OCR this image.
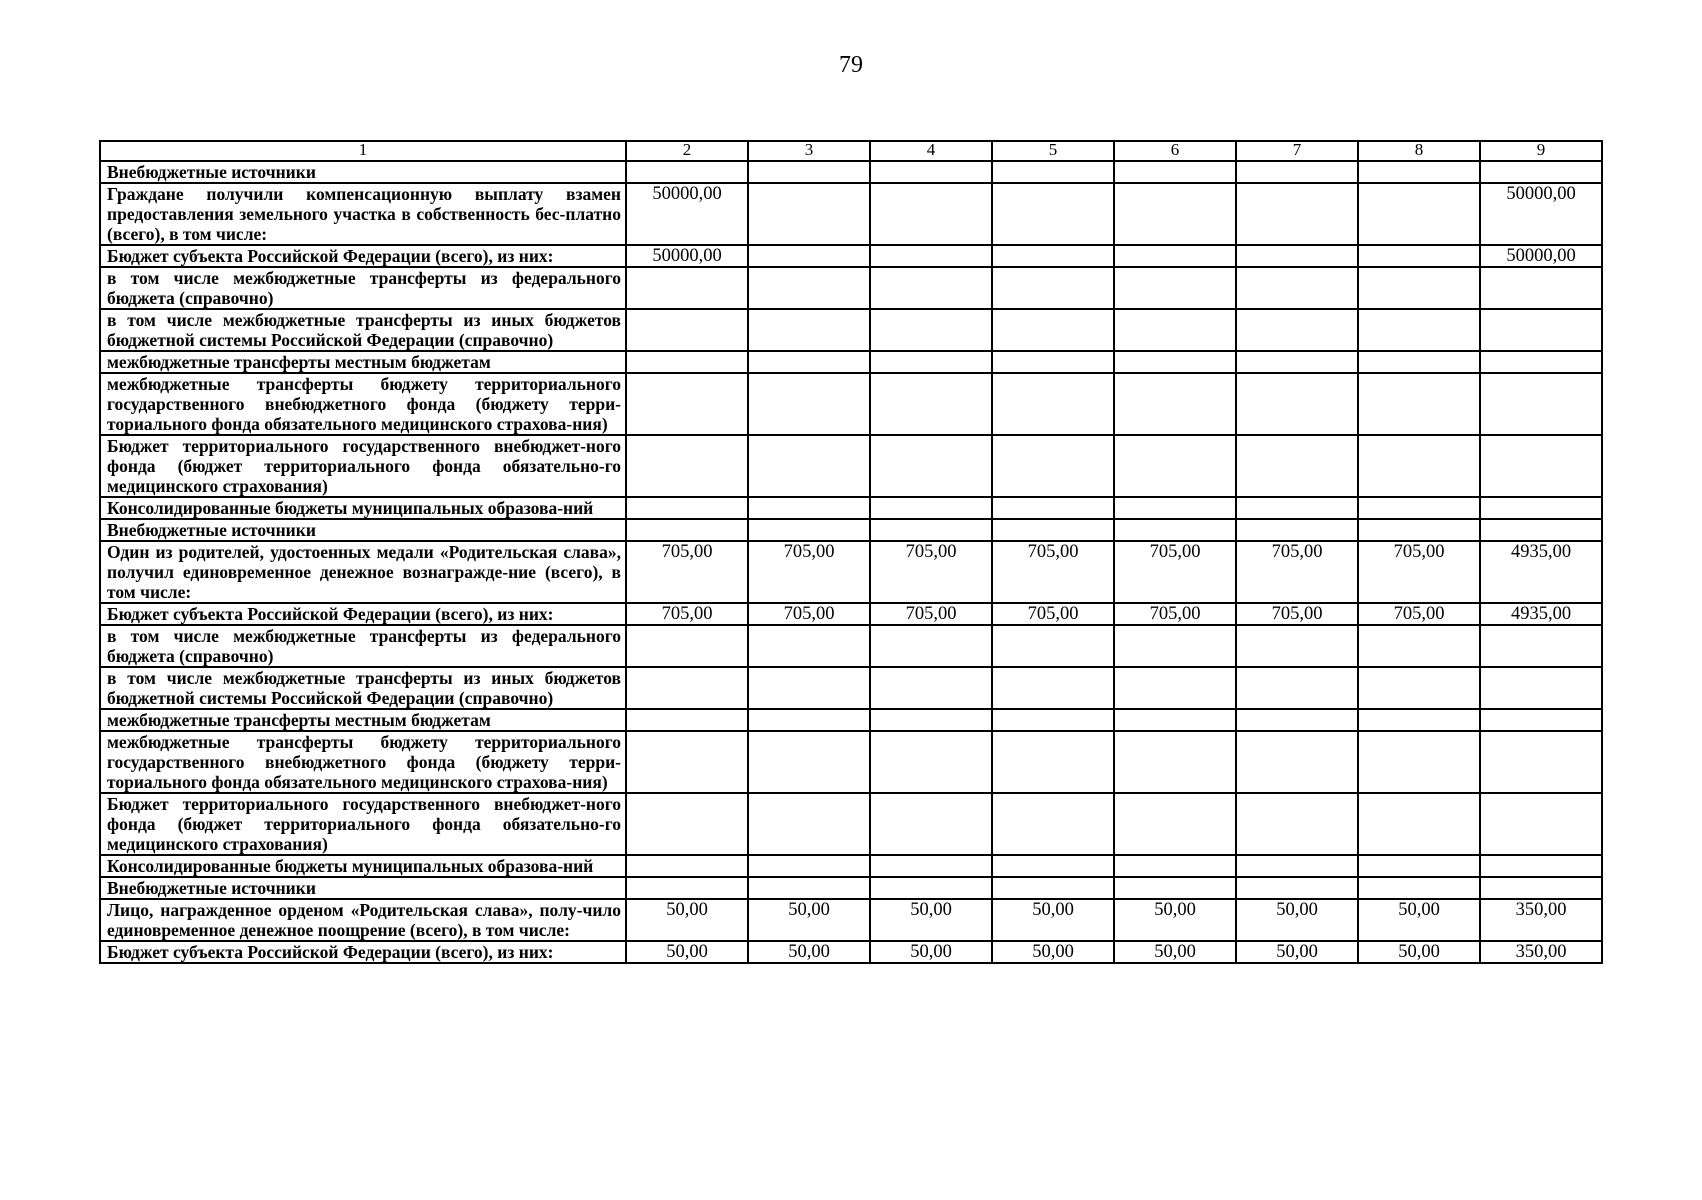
79
1	2	3	4	5	6	7	8	9
Внебюджетные источники								
Граждане получили компенсационную выплату взамен предоставления земельного участка в собственность бес-платно (всего), в том числе:	50000,00							50000,00
Бюджет субъекта Российской Федерации (всего), из них:	50000,00							50000,00
в том числе межбюджетные трансферты из федерального бюджета (справочно)								
в том числе межбюджетные трансферты из иных бюджетов бюджетной системы Российской Федерации (справочно)								
межбюджетные трансферты местным бюджетам								
межбюджетные трансферты бюджету территориального государственного внебюджетного фонда (бюджету терри-ториального фонда обязательного медицинского страхова-ния)								
Бюджет территориального государственного внебюджет-ного фонда (бюджет территориального фонда обязательно-го медицинского страхования)								
Консолидированные бюджеты муниципальных образова-ний								
Внебюджетные источники								
Один из родителей, удостоенных медали «Родительская слава», получил единовременное денежное вознагражде-ние (всего), в том числе:	705,00	705,00	705,00	705,00	705,00	705,00	705,00	4935,00
Бюджет субъекта Российской Федерации (всего), из них:	705,00	705,00	705,00	705,00	705,00	705,00	705,00	4935,00
в том числе межбюджетные трансферты из федерального бюджета (справочно)								
в том числе межбюджетные трансферты из иных бюджетов бюджетной системы Российской Федерации (справочно)								
межбюджетные трансферты местным бюджетам								
межбюджетные трансферты бюджету территориального государственного внебюджетного фонда (бюджету терри-ториального фонда обязательного медицинского страхова-ния)								
Бюджет территориального государственного внебюджет-ного фонда (бюджет территориального фонда обязательно-го медицинского страхования)								
Консолидированные бюджеты муниципальных образова-ний								
Внебюджетные источники								
Лицо, награжденное орденом «Родительская слава», полу-чило единовременное денежное поощрение (всего), в том числе:	50,00	50,00	50,00	50,00	50,00	50,00	50,00	350,00
Бюджет субъекта Российской Федерации (всего), из них:	50,00	50,00	50,00	50,00	50,00	50,00	50,00	350,00
